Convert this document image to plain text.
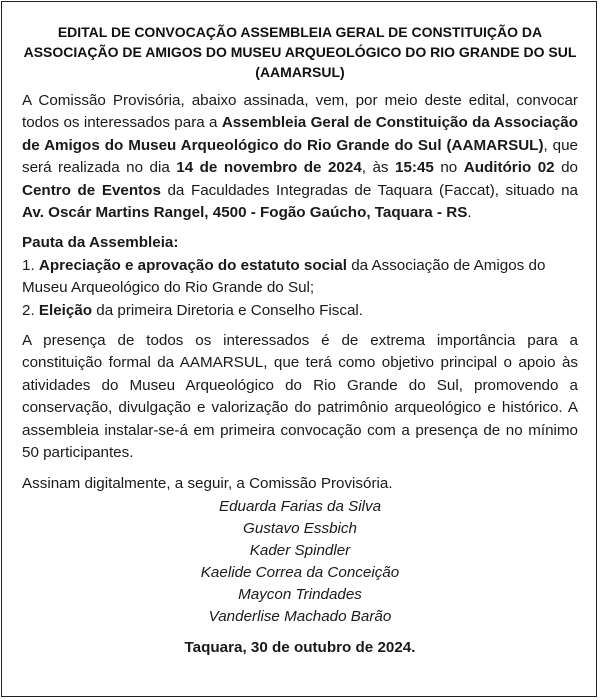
EDITAL DE CONVOCAÇÃO ASSEMBLEIA GERAL DE CONSTITUIÇÃO DA ASSOCIAÇÃO DE AMIGOS DO MUSEU ARQUEOLÓGICO DO RIO GRANDE DO SUL (AAMARSUL)

A Comissão Provisória, abaixo assinada, vem, por meio deste edital, convocar todos os interessados para a Assembleia Geral de Constituição da Associação de Amigos do Museu Arqueológico do Rio Grande do Sul (AAMARSUL), que será realizada no dia 14 de novembro de 2024, às 15:45 no Auditório 02 do Centro de Eventos da Faculdades Integradas de Taquara (Faccat), situado na Av. Oscár Martins Rangel, 4500 - Fogão Gaúcho, Taquara - RS.

Pauta da Assembleia:

1. Apreciação e aprovação do estatuto social da Associação de Amigos do Museu Arqueológico do Rio Grande do Sul;

2. Eleição da primeira Diretoria e Conselho Fiscal.

A presença de todos os interessados é de extrema importância para a constituição formal da AAMARSUL, que terá como objetivo principal o apoio às atividades do Museu Arqueológico do Rio Grande do Sul, promovendo a conservação, divulgação e valorização do patrimônio arqueológico e histórico. A assembleia instalar-se-á em primeira convocação com a presença de no mínimo 50 participantes.

Assinam digitalmente, a seguir, a Comissão Provisória.

Eduarda Farias da Silva
Gustavo Essbich
Kader Spindler
Kaelide Correa da Conceição
Maycon Trindades
Vanderlise Machado Barão
Taquara, 30 de outubro de 2024.
